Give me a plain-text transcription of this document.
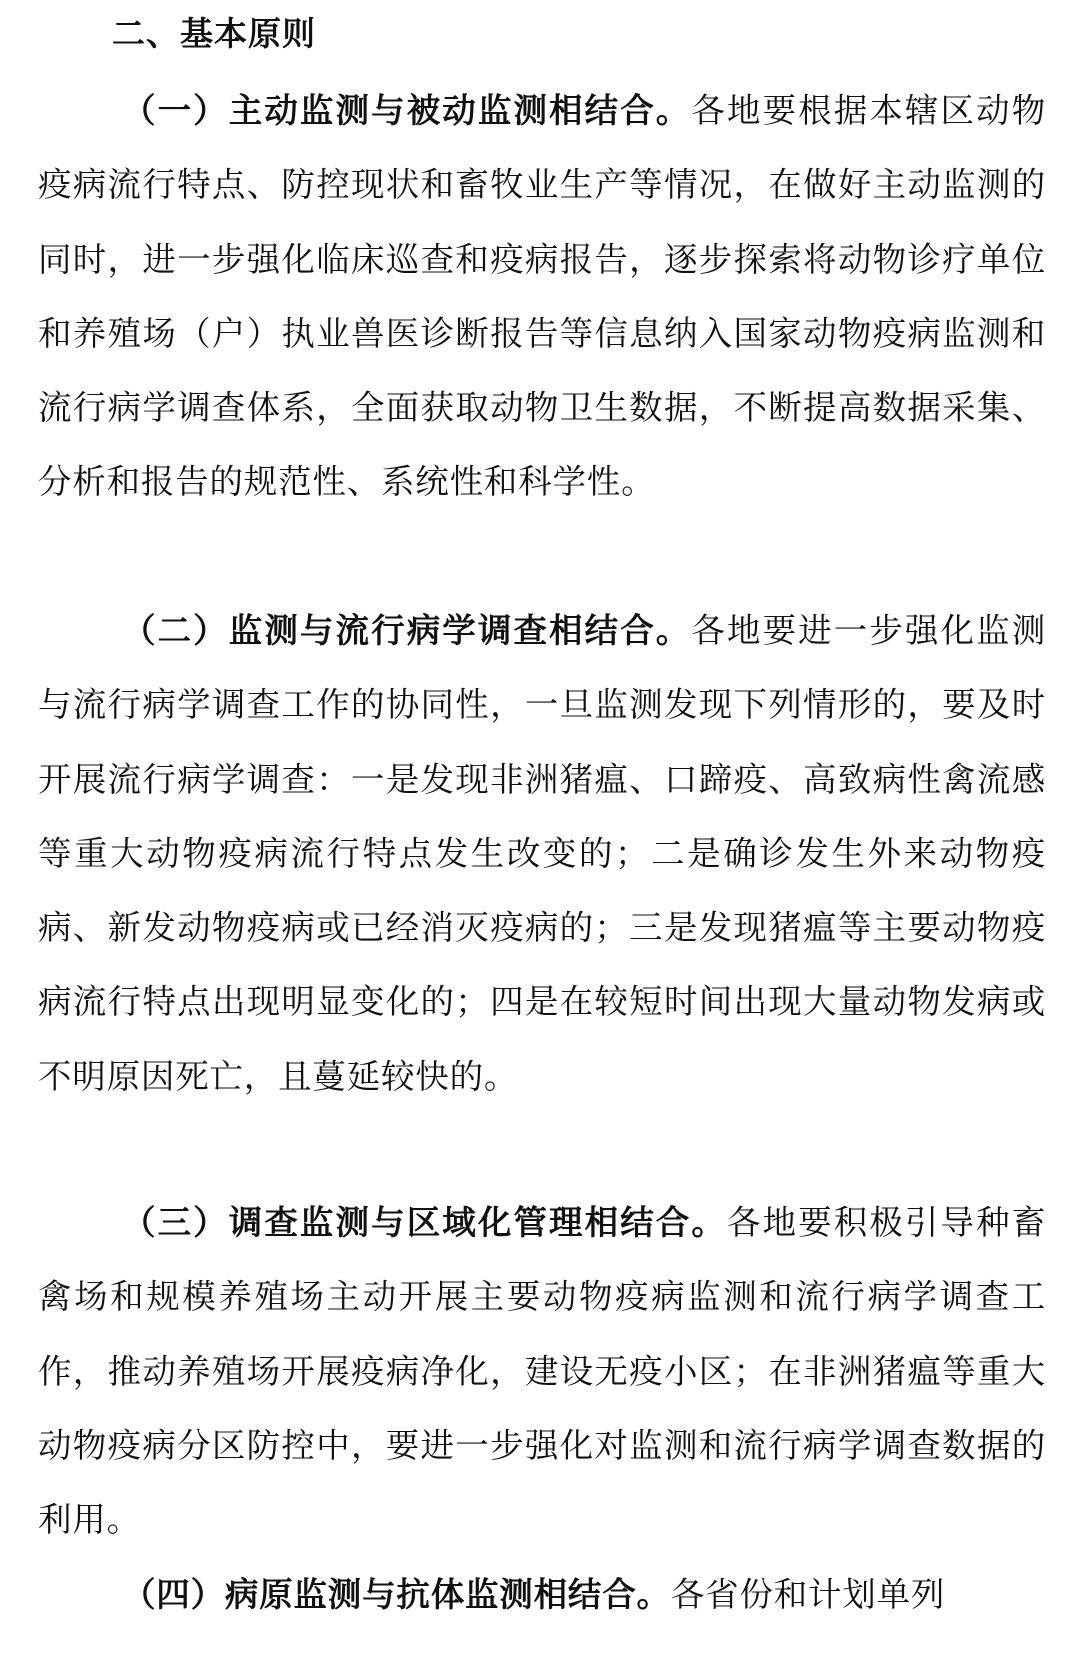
二、基本原则

（一）主动监测与被动监测相结合。各地要根据本辖区动物疫病流行特点、防控现状和畜牧业生产等情况，在做好主动监测的同时，进一步强化临床巡查和疫病报告，逐步探索将动物诊疗单位和养殖场（户）执业兽医诊断报告等信息纳入国家动物疫病监测和流行病学调查体系，全面获取动物卫生数据，不断提高数据采集、分析和报告的规范性、系统性和科学性。

（二）监测与流行病学调查相结合。各地要进一步强化监测与流行病学调查工作的协同性，一旦监测发现下列情形的，要及时开展流行病学调查：一是发现非洲猪瘟、口蹄疫、高致病性禽流感等重大动物疫病流行特点发生改变的；二是确诊发生外来动物疫病、新发动物疫病或已经消灭疫病的；三是发现猪瘟等主要动物疫病流行特点出现明显变化的；四是在较短时间出现大量动物发病或不明原因死亡，且蔓延较快的。

（三）调查监测与区域化管理相结合。各地要积极引导种畜禽场和规模养殖场主动开展主要动物疫病监测和流行病学调查工作，推动养殖场开展疫病净化，建设无疫小区；在非洲猪瘟等重大动物疫病分区防控中，要进一步强化对监测和流行病学调查数据的利用。

（四）病原监测与抗体监测相结合。各省份和计划单列
